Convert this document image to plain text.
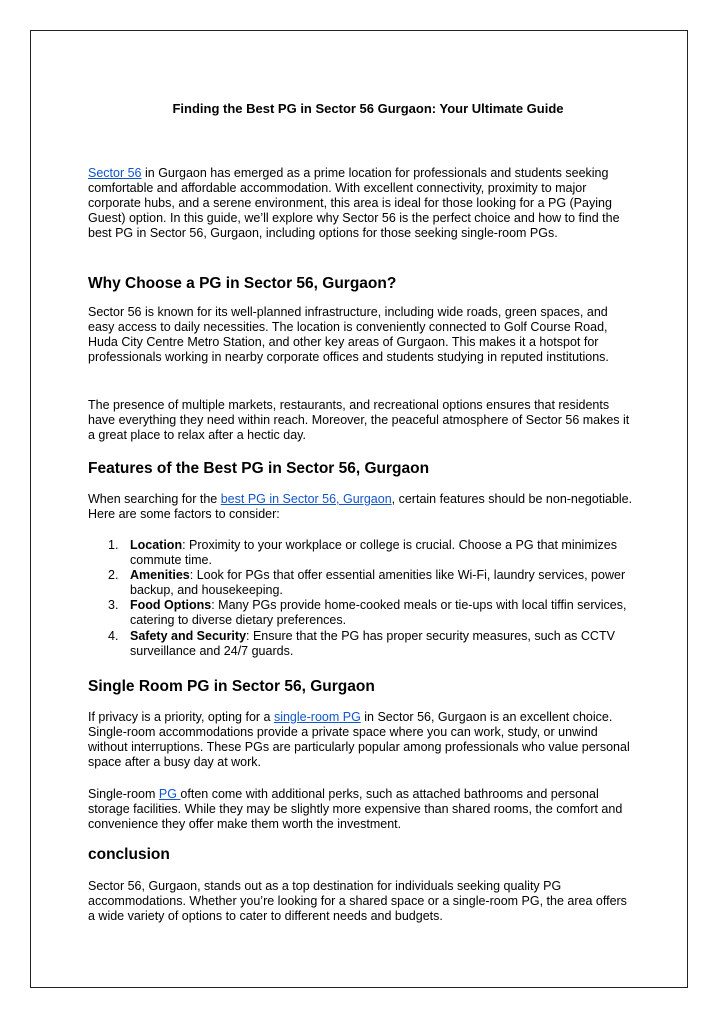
Finding the Best PG in Sector 56 Gurgaon: Your Ultimate Guide

Sector 56 in Gurgaon has emerged as a prime location for professionals and students seeking comfortable and affordable accommodation. With excellent connectivity, proximity to major corporate hubs, and a serene environment, this area is ideal for those looking for a PG (Paying Guest) option. In this guide, we’ll explore why Sector 56 is the perfect choice and how to find the best PG in Sector 56, Gurgaon, including options for those seeking single-room PGs.

Why Choose a PG in Sector 56, Gurgaon?

Sector 56 is known for its well-planned infrastructure, including wide roads, green spaces, and easy access to daily necessities. The location is conveniently connected to Golf Course Road, Huda City Centre Metro Station, and other key areas of Gurgaon. This makes it a hotspot for professionals working in nearby corporate offices and students studying in reputed institutions.

The presence of multiple markets, restaurants, and recreational options ensures that residents have everything they need within reach. Moreover, the peaceful atmosphere of Sector 56 makes it a great place to relax after a hectic day.

Features of the Best PG in Sector 56, Gurgaon

When searching for the best PG in Sector 56, Gurgaon, certain features should be non-negotiable. Here are some factors to consider:

1. Location: Proximity to your workplace or college is crucial. Choose a PG that minimizes commute time.
2. Amenities: Look for PGs that offer essential amenities like Wi-Fi, laundry services, power backup, and housekeeping.
3. Food Options: Many PGs provide home-cooked meals or tie-ups with local tiffin services, catering to diverse dietary preferences.
4. Safety and Security: Ensure that the PG has proper security measures, such as CCTV surveillance and 24/7 guards.
Single Room PG in Sector 56, Gurgaon

If privacy is a priority, opting for a single-room PG in Sector 56, Gurgaon is an excellent choice. Single-room accommodations provide a private space where you can work, study, or unwind without interruptions. These PGs are particularly popular among professionals who value personal space after a busy day at work.

Single-room PG often come with additional perks, such as attached bathrooms and personal storage facilities. While they may be slightly more expensive than shared rooms, the comfort and convenience they offer make them worth the investment.

conclusion

Sector 56, Gurgaon, stands out as a top destination for individuals seeking quality PG accommodations. Whether you’re looking for a shared space or a single-room PG, the area offers a wide variety of options to cater to different needs and budgets.
